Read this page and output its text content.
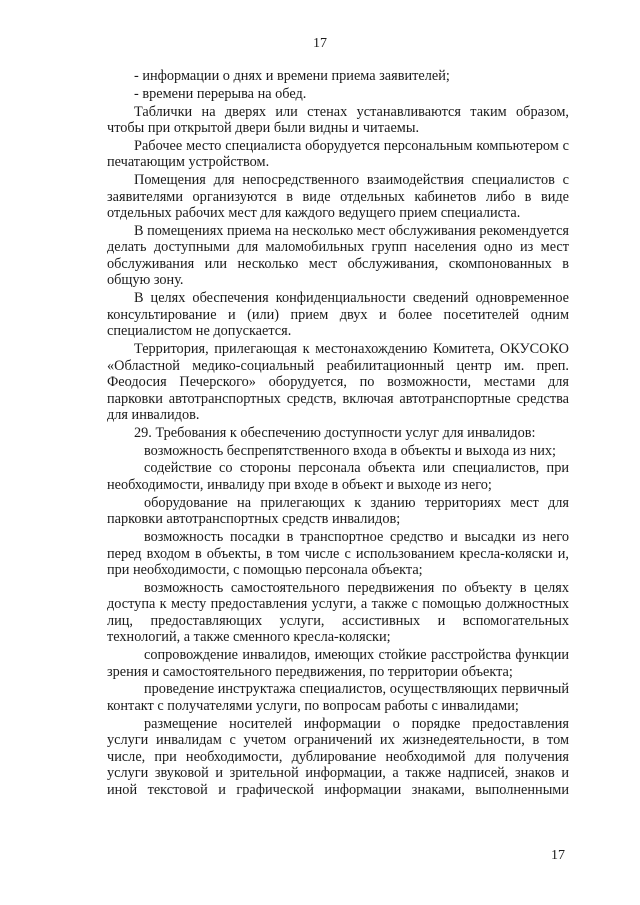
17

- информации о днях и времени приема заявителей;

- времени перерыва на обед.

Таблички на дверях или стенах устанавливаются таким образом, чтобы при открытой двери были видны и читаемы.

Рабочее место специалиста оборудуется персональным компьютером с печатающим устройством.

Помещения для непосредственного взаимодействия специалистов с заявителями организуются в виде отдельных кабинетов либо в виде отдельных рабочих мест для каждого ведущего прием специалиста.

В помещениях приема на несколько мест обслуживания рекомендуется делать доступными для маломобильных групп населения одно из мест обслуживания или несколько мест обслуживания, скомпонованных в общую зону.

В целях обеспечения конфиденциальности сведений одновременное консультирование и (или) прием двух и более посетителей одним специалистом не допускается.

Территория, прилегающая к местонахождению Комитета, ОКУСОКО «Областной медико-социальный реабилитационный центр им. преп. Феодосия Печерского» оборудуется, по возможности, местами для парковки автотранспортных средств, включая автотранспортные средства для инвалидов.

29. Требования к обеспечению доступности услуг для инвалидов:

возможность беспрепятственного входа в объекты и выхода из них;

содействие со стороны персонала объекта или специалистов, при необходимости, инвалиду при входе в объект и выходе из него;

оборудование на прилегающих к зданию территориях мест для парковки автотранспортных средств инвалидов;

возможность посадки в транспортное средство и высадки из него перед входом в объекты, в том числе с использованием кресла-коляски и, при необходимости, с помощью персонала объекта;

возможность самостоятельного передвижения по объекту в целях доступа к месту предоставления услуги, а также с помощью должностных лиц, предоставляющих услуги, ассистивных и вспомогательных технологий, а также сменного кресла-коляски;

сопровождение инвалидов, имеющих стойкие расстройства функции зрения и самостоятельного передвижения, по территории объекта;

проведение инструктажа специалистов, осуществляющих первичный контакт с получателями услуги, по вопросам работы с инвалидами;

размещение носителей информации о порядке предоставления услуги инвалидам с учетом ограничений их жизнедеятельности, в том числе, при необходимости, дублирование необходимой для получения услуги звуковой и зрительной информации, а также надписей, знаков и иной текстовой и графической информации знаками, выполненными

17
